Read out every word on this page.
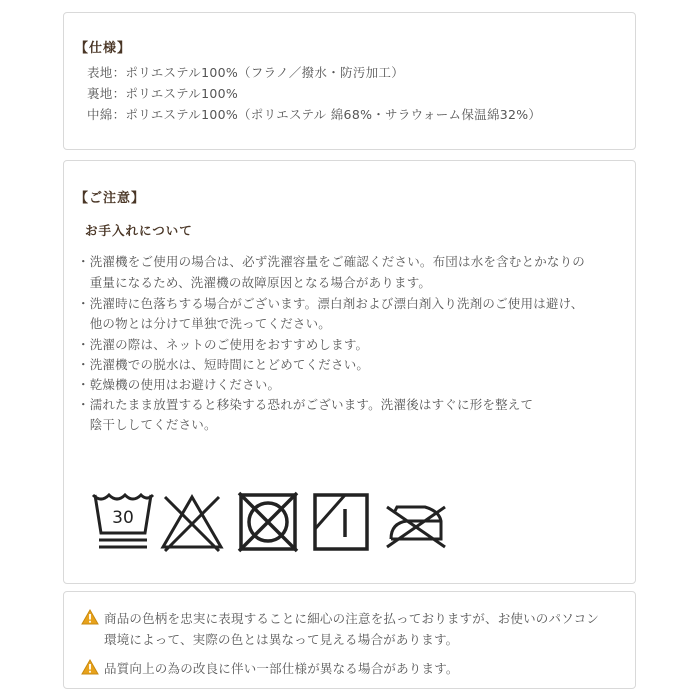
【仕様】
表地：ポリエステル100%（フラノ／撥水・防汚加工）
裏地：ポリエステル100%
中綿：ポリエステル100%（ポリエステル 綿68%・サラウォーム保温綿32%）
【ご注意】
お手入れについて
・洗濯機をご使用の場合は、必ず洗濯容量をご確認ください。布団は水を含むとかなりの
　重量になるため、洗濯機の故障原因となる場合があります。
・洗濯時に色落ちする場合がございます。漂白剤および漂白剤入り洗剤のご使用は避け、
　他の物とは分けて単独で洗ってください。
・洗濯の際は、ネットのご使用をおすすめします。
・洗濯機での脱水は、短時間にとどめてください。
・乾燥機の使用はお避けください。
・濡れたまま放置すると移染する恐れがございます。洗濯後はすぐに形を整えて
　陰干ししてください。
30
商品の色柄を忠実に表現することに細心の注意を払っておりますが、お使いのパソコン
環境によって、実際の色とは異なって見える場合があります。
品質向上の為の改良に伴い一部仕様が異なる場合があります。
